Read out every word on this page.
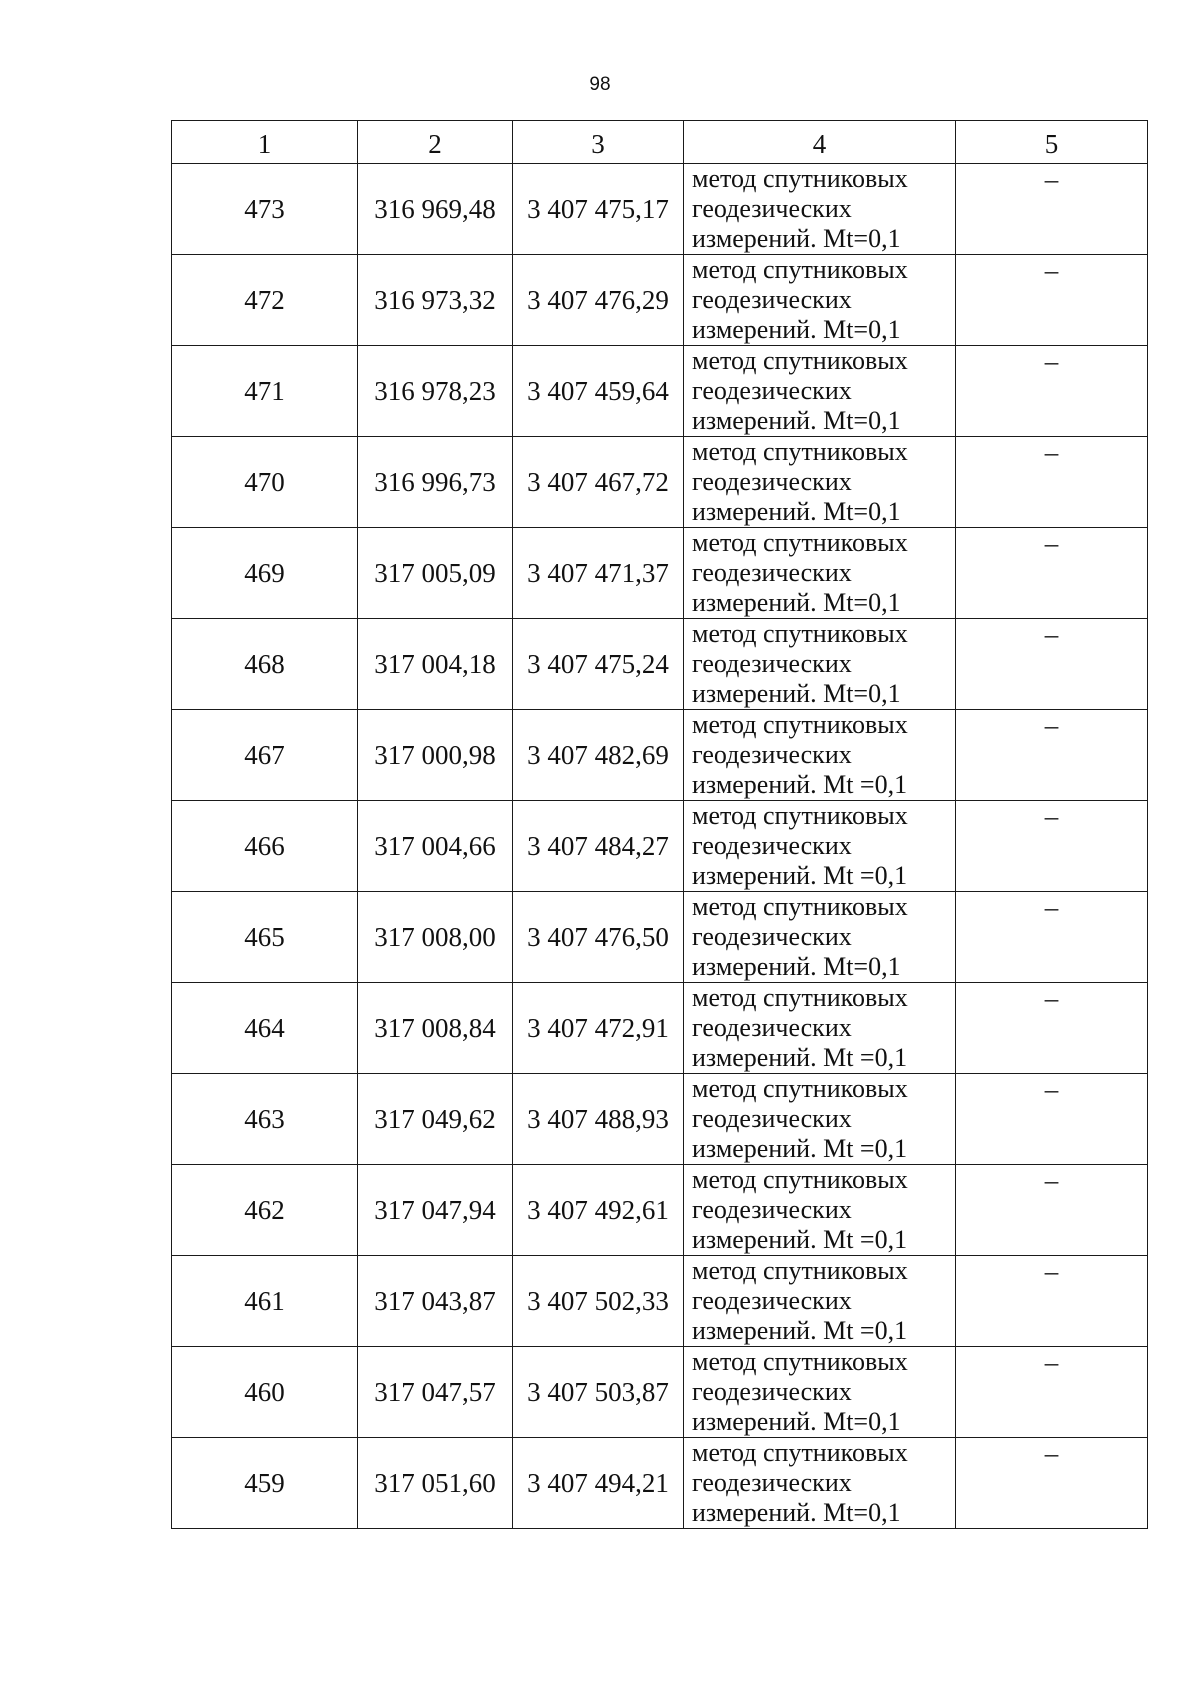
98
1	2	3	4	5
473	316 969,48	3 407 475,17	метод спутниковых
геодезических
измерений. Mt=0,1	–
472	316 973,32	3 407 476,29	метод спутниковых
геодезических
измерений. Mt=0,1	–
471	316 978,23	3 407 459,64	метод спутниковых
геодезических
измерений. Mt=0,1	–
470	316 996,73	3 407 467,72	метод спутниковых
геодезических
измерений. Mt=0,1	–
469	317 005,09	3 407 471,37	метод спутниковых
геодезических
измерений. Mt=0,1	–
468	317 004,18	3 407 475,24	метод спутниковых
геодезических
измерений. Mt=0,1	–
467	317 000,98	3 407 482,69	метод спутниковых
геодезических
измерений. Mt =0,1	–
466	317 004,66	3 407 484,27	метод спутниковых
геодезических
измерений. Mt =0,1	–
465	317 008,00	3 407 476,50	метод спутниковых
геодезических
измерений. Mt=0,1	–
464	317 008,84	3 407 472,91	метод спутниковых
геодезических
измерений. Mt =0,1	–
463	317 049,62	3 407 488,93	метод спутниковых
геодезических
измерений. Mt =0,1	–
462	317 047,94	3 407 492,61	метод спутниковых
геодезических
измерений. Mt =0,1	–
461	317 043,87	3 407 502,33	метод спутниковых
геодезических
измерений. Mt =0,1	–
460	317 047,57	3 407 503,87	метод спутниковых
геодезических
измерений. Mt=0,1	–
459	317 051,60	3 407 494,21	метод спутниковых
геодезических
измерений. Mt=0,1	–
